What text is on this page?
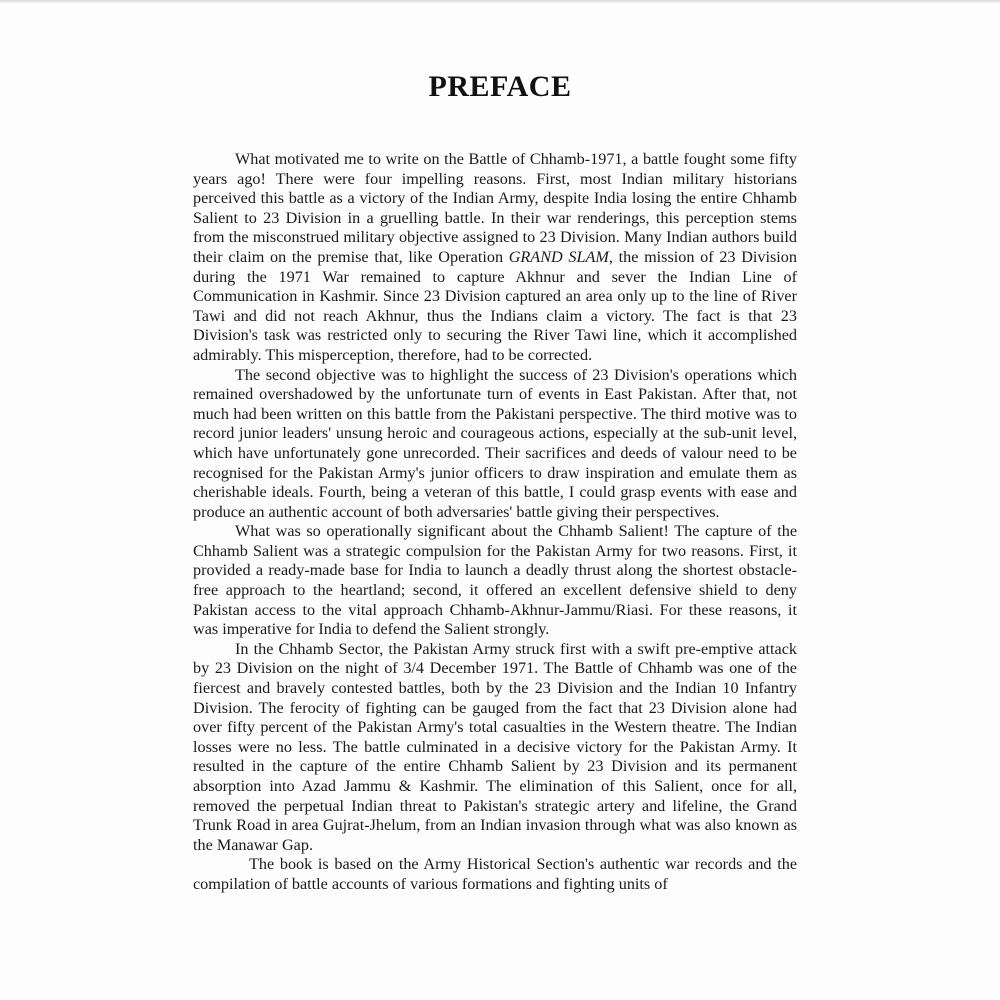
PREFACE

What motivated me to write on the Battle of Chhamb-1971, a battle fought some fifty years ago! There were four impelling reasons. First, most Indian military historians perceived this battle as a victory of the Indian Army, despite India losing the entire Chhamb Salient to 23 Division in a gruelling battle. In their war renderings, this perception stems from the misconstrued military objective assigned to 23 Division. Many Indian authors build their claim on the premise that, like Operation GRAND SLAM, the mission of 23 Division during the 1971 War remained to capture Akhnur and sever the Indian Line of Communication in Kashmir. Since 23 Division captured an area only up to the line of River Tawi and did not reach Akhnur, thus the Indians claim a victory. The fact is that 23 Division's task was restricted only to securing the River Tawi line, which it accomplished admirably. This misperception, therefore, had to be corrected.

The second objective was to highlight the success of 23 Division's operations which remained overshadowed by the unfortunate turn of events in East Pakistan. After that, not much had been written on this battle from the Pakistani perspective. The third motive was to record junior leaders' unsung heroic and courageous actions, especially at the sub-unit level, which have unfortunately gone unrecorded. Their sacrifices and deeds of valour need to be recognised for the Pakistan Army's junior officers to draw inspiration and emulate them as cherishable ideals. Fourth, being a veteran of this battle, I could grasp events with ease and produce an authentic account of both adversaries' battle giving their perspectives.

What was so operationally significant about the Chhamb Salient! The capture of the Chhamb Salient was a strategic compulsion for the Pakistan Army for two reasons. First, it provided a ready-made base for India to launch a deadly thrust along the shortest obstacle-free approach to the heartland; second, it offered an excellent defensive shield to deny Pakistan access to the vital approach Chhamb-Akhnur-Jammu/Riasi. For these reasons, it was imperative for India to defend the Salient strongly.

In the Chhamb Sector, the Pakistan Army struck first with a swift pre-emptive attack by 23 Division on the night of 3/4 December 1971. The Battle of Chhamb was one of the fiercest and bravely contested battles, both by the 23 Division and the Indian 10 Infantry Division. The ferocity of fighting can be gauged from the fact that 23 Division alone had over fifty percent of the Pakistan Army's total casualties in the Western theatre. The Indian losses were no less. The battle culminated in a decisive victory for the Pakistan Army. It resulted in the capture of the entire Chhamb Salient by 23 Division and its permanent absorption into Azad Jammu & Kashmir. The elimination of this Salient, once for all, removed the perpetual Indian threat to Pakistan's strategic artery and lifeline, the Grand Trunk Road in area Gujrat-Jhelum, from an Indian invasion through what was also known as the Manawar Gap.

The book is based on the Army Historical Section's authentic war records and the compilation of battle accounts of various formations and fighting units of
